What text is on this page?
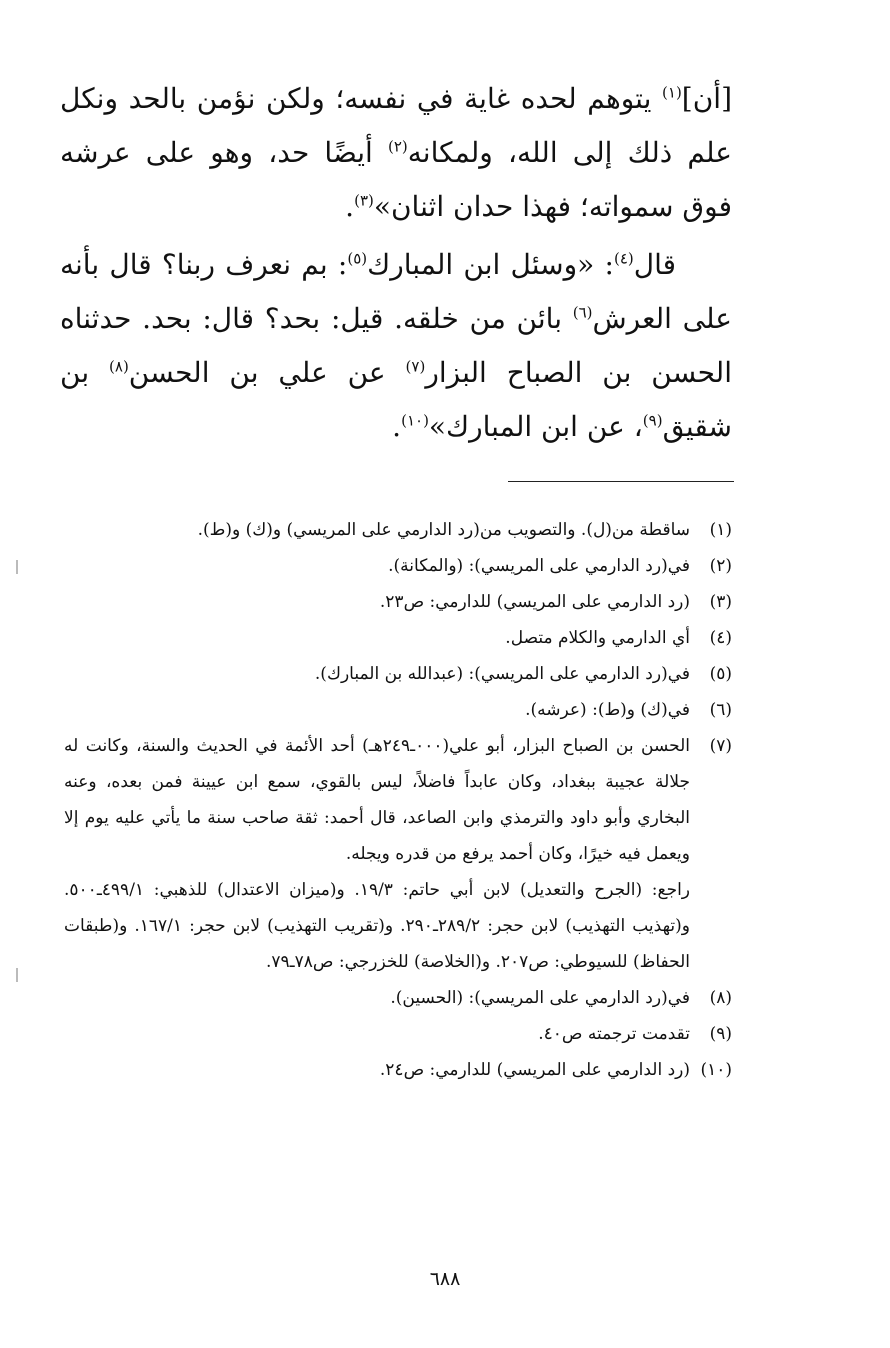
[أن]$^{(١)}$ يتوهم لحده غاية في نفسه؛ ولكن نؤمن بالحد ونكل علم ذلك إلى الله، ولمكانه$^{(٢)}$ أيضًا حد، وهو على عرشه فوق سمواته؛ فهذا حدان اثنان»$^{(٣)}$.

قال$^{(٤)}$: «وسئل ابن المبارك$^{(٥)}$: بم نعرف ربنا؟ قال بأنه على العرش$^{(٦)}$ بائن من خلقه. قيل: بحد؟ قال: بحد. حدثناه الحسن بن الصباح البزار$^{(٧)}$ عن علي بن الحسن$^{(٨)}$ بن شقيق$^{(٩)}$، عن ابن المبارك»$^{(١٠)}$.

(١)
ساقطة من(ل). والتصويب من(رد الدارمي على المريسي) و(ك) و(ط).
(٢)
في(رد الدارمي على المريسي): (والمكانة).
(٣)
(رد الدارمي على المريسي) للدارمي: ص٢٣.
(٤)
أي الدارمي والكلام متصل.
(٥)
في(رد الدارمي على المريسي): (عبدالله بن المبارك).
(٦)
في(ك) و(ط): (عرشه).
(٧)
الحسن بن الصباح البزار، أبو علي(٠٠٠ـ٢٤٩هـ) أحد الأئمة في الحديث والسنة، وكانت له جلالة عجيبة ببغداد، وكان عابداً فاضلاً، ليس بالقوي، سمع ابن عيينة فمن بعده، وعنه البخاري وأبو داود والترمذي وابن الصاعد، قال أحمد: ثقة صاحب سنة ما يأتي عليه يوم إلا ويعمل فيه خيرًا، وكان أحمد يرفع من قدره ويجله.
راجع: (الجرح والتعديل) لابن أبي حاتم: ١٩/٣. و(ميزان الاعتدال) للذهبي: ٤٩٩/١ـ٥٠٠. و(تهذيب التهذيب) لابن حجر: ٢٨٩/٢ـ٢٩٠. و(تقريب التهذيب) لابن حجر: ١٦٧/١. و(طبقات الحفاظ) للسيوطي: ص٢٠٧. و(الخلاصة) للخزرجي: ص٧٨ـ٧٩.
(٨)
في(رد الدارمي على المريسي): (الحسين).
(٩)
تقدمت ترجمته ص٤٠.
(١٠)
(رد الدارمي على المريسي) للدارمي: ص٢٤.
٦٨٨
